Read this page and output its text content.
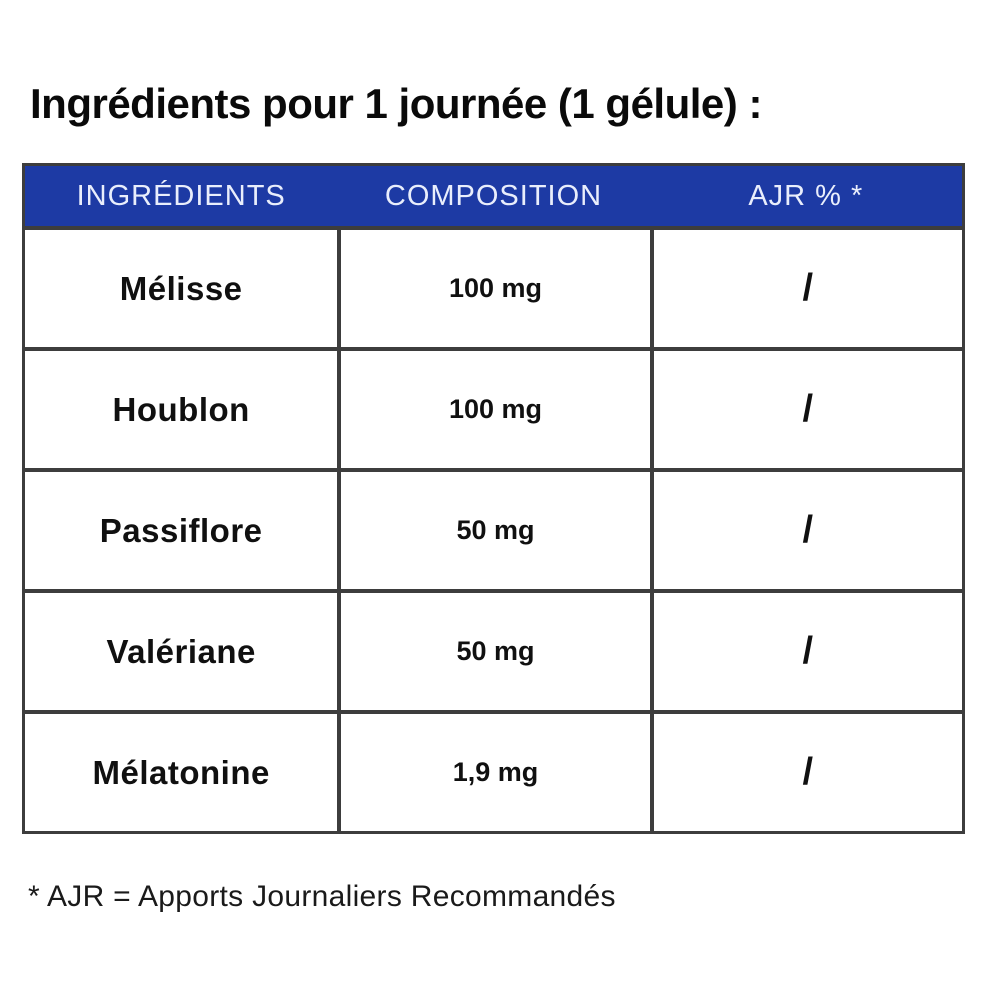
Ingrédients pour 1 journée (1 gélule) :
INGRÉDIENTS	COMPOSITION	AJR % *
Mélisse	100 mg	/
Houblon	100 mg	/
Passiflore	50 mg	/
Valériane	50 mg	/
Mélatonine	1,9 mg	/

* AJR = Apports Journaliers Recommandés
